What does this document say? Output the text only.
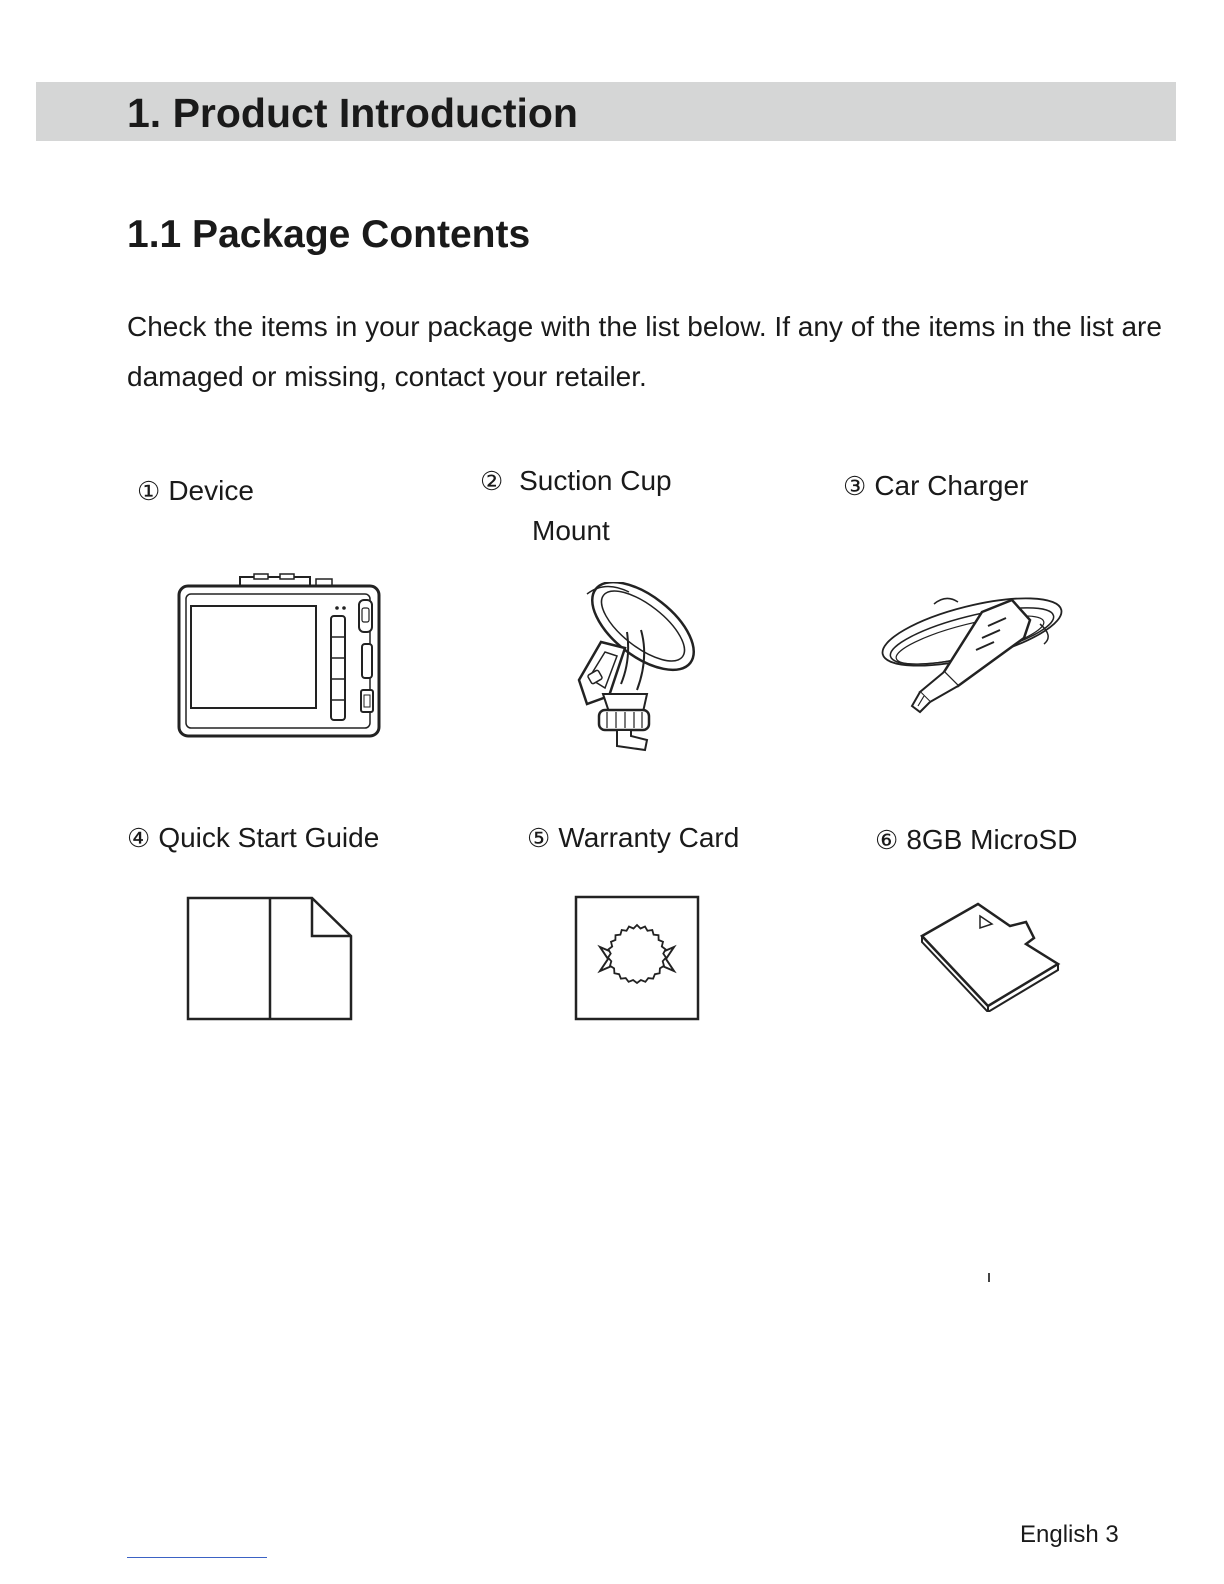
1. Product Introduction
1.1 Package Contents

Check the items in your package with the list below. If any of the items in the list are damaged or missing, contact your retailer.

① Device	② Suction Cup
Mount
③ Car Charger
④ Quick Start Guide	⑤ Warranty Card	⑥ 8GB MicroSD
English 3
